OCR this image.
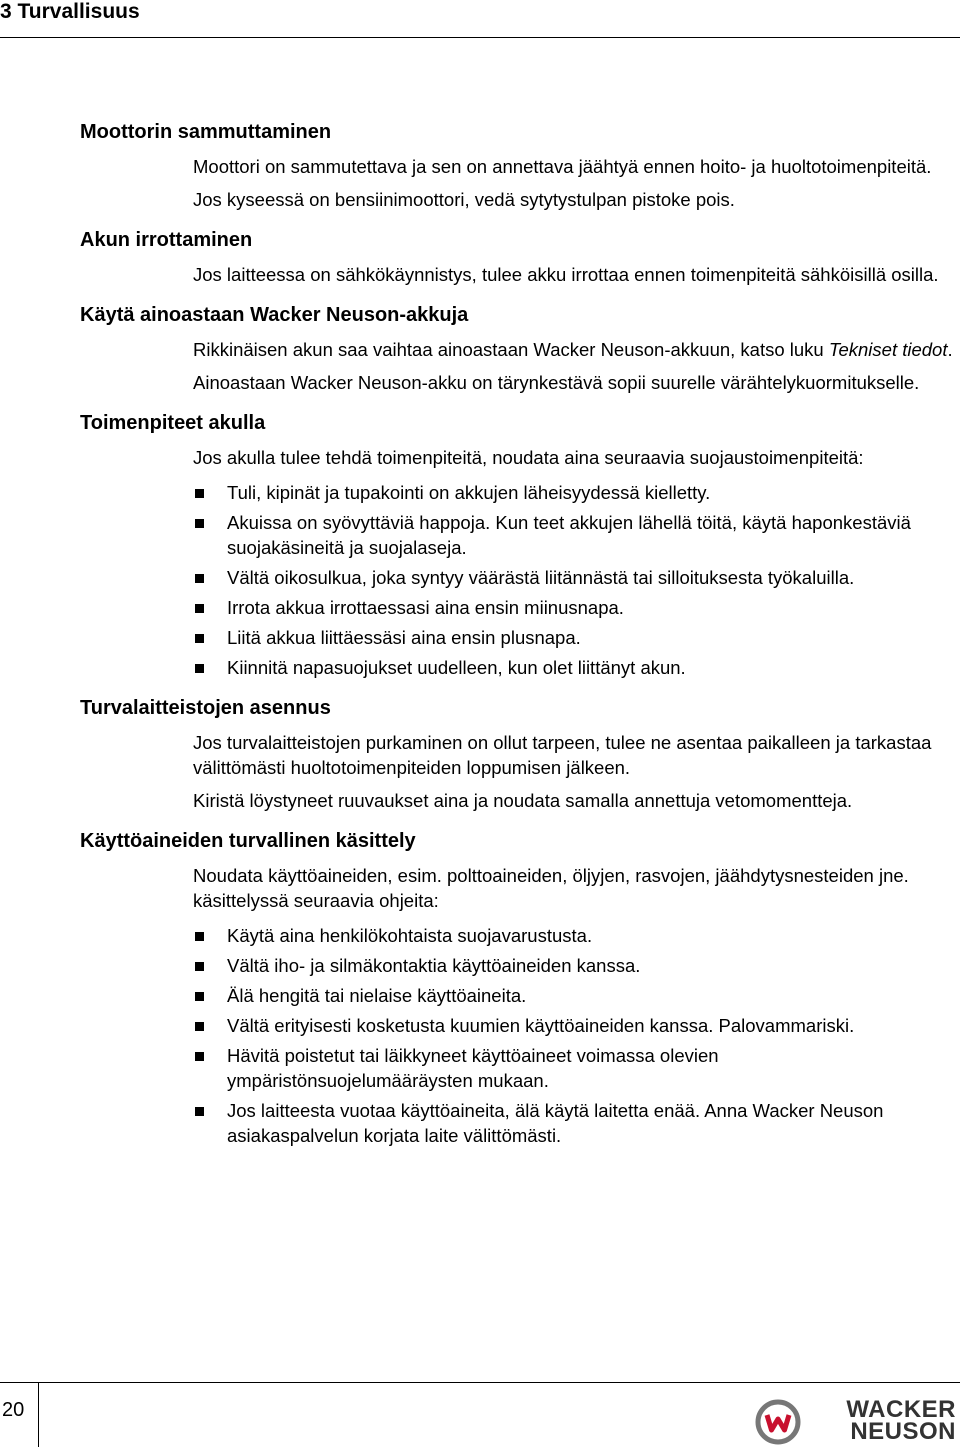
3 Turvallisuus
Moottorin sammuttaminen

Moottori on sammutettava ja sen on annettava jäähtyä ennen hoito- ja huoltotoimenpiteitä.

Jos kyseessä on bensiinimoottori, vedä sytytystulpan pistoke pois.

Akun irrottaminen

Jos laitteessa on sähkökäynnistys, tulee akku irrottaa ennen toimenpiteitä sähköisillä osilla.

Käytä ainoastaan Wacker Neuson-akkuja

Rikkinäisen akun saa vaihtaa ainoastaan Wacker Neuson-akkuun, katso luku Tekniset tiedot.

Ainoastaan Wacker Neuson-akku on tärynkestävä sopii suurelle värähtelykuormitukselle.

Toimenpiteet akulla

Jos akulla tulee tehdä toimenpiteitä, noudata aina seuraavia suojaustoimenpiteitä:

Tuli, kipinät ja tupakointi on akkujen läheisyydessä kielletty.
Akuissa on syövyttäviä happoja. Kun teet akkujen lähellä töitä, käytä haponkestäviä suojakäsineitä ja suojalaseja.
Vältä oikosulkua, joka syntyy väärästä liitännästä tai silloituksesta työkaluilla.
Irrota akkua irrottaessasi aina ensin miinusnapa.
Liitä akkua liittäessäsi aina ensin plusnapa.
Kiinnitä napasuojukset uudelleen, kun olet liittänyt akun.
Turvalaitteistojen asennus

Jos turvalaitteistojen purkaminen on ollut tarpeen, tulee ne asentaa paikalleen ja tarkastaa välittömästi huoltotoimenpiteiden loppumisen jälkeen.

Kiristä löystyneet ruuvaukset aina ja noudata samalla annettuja vetomomentteja.

Käyttöaineiden turvallinen käsittely

Noudata käyttöaineiden, esim. polttoaineiden, öljyjen, rasvojen, jäähdytysnesteiden jne. käsittelyssä seuraavia ohjeita:

Käytä aina henkilökohtaista suojavarustusta.
Vältä iho- ja silmäkontaktia käyttöaineiden kanssa.
Älä hengitä tai nielaise käyttöaineita.
Vältä erityisesti kosketusta kuumien käyttöaineiden kanssa. Palovammariski.
Hävitä poistetut tai läikkyneet käyttöaineet voimassa olevien ympäristönsuojelumääräysten mukaan.
Jos laitteesta vuotaa käyttöaineita, älä käytä laitetta enää. Anna Wacker Neuson asiakaspalvelun korjata laite välittömästi.
20	WACKER
NEUSON
